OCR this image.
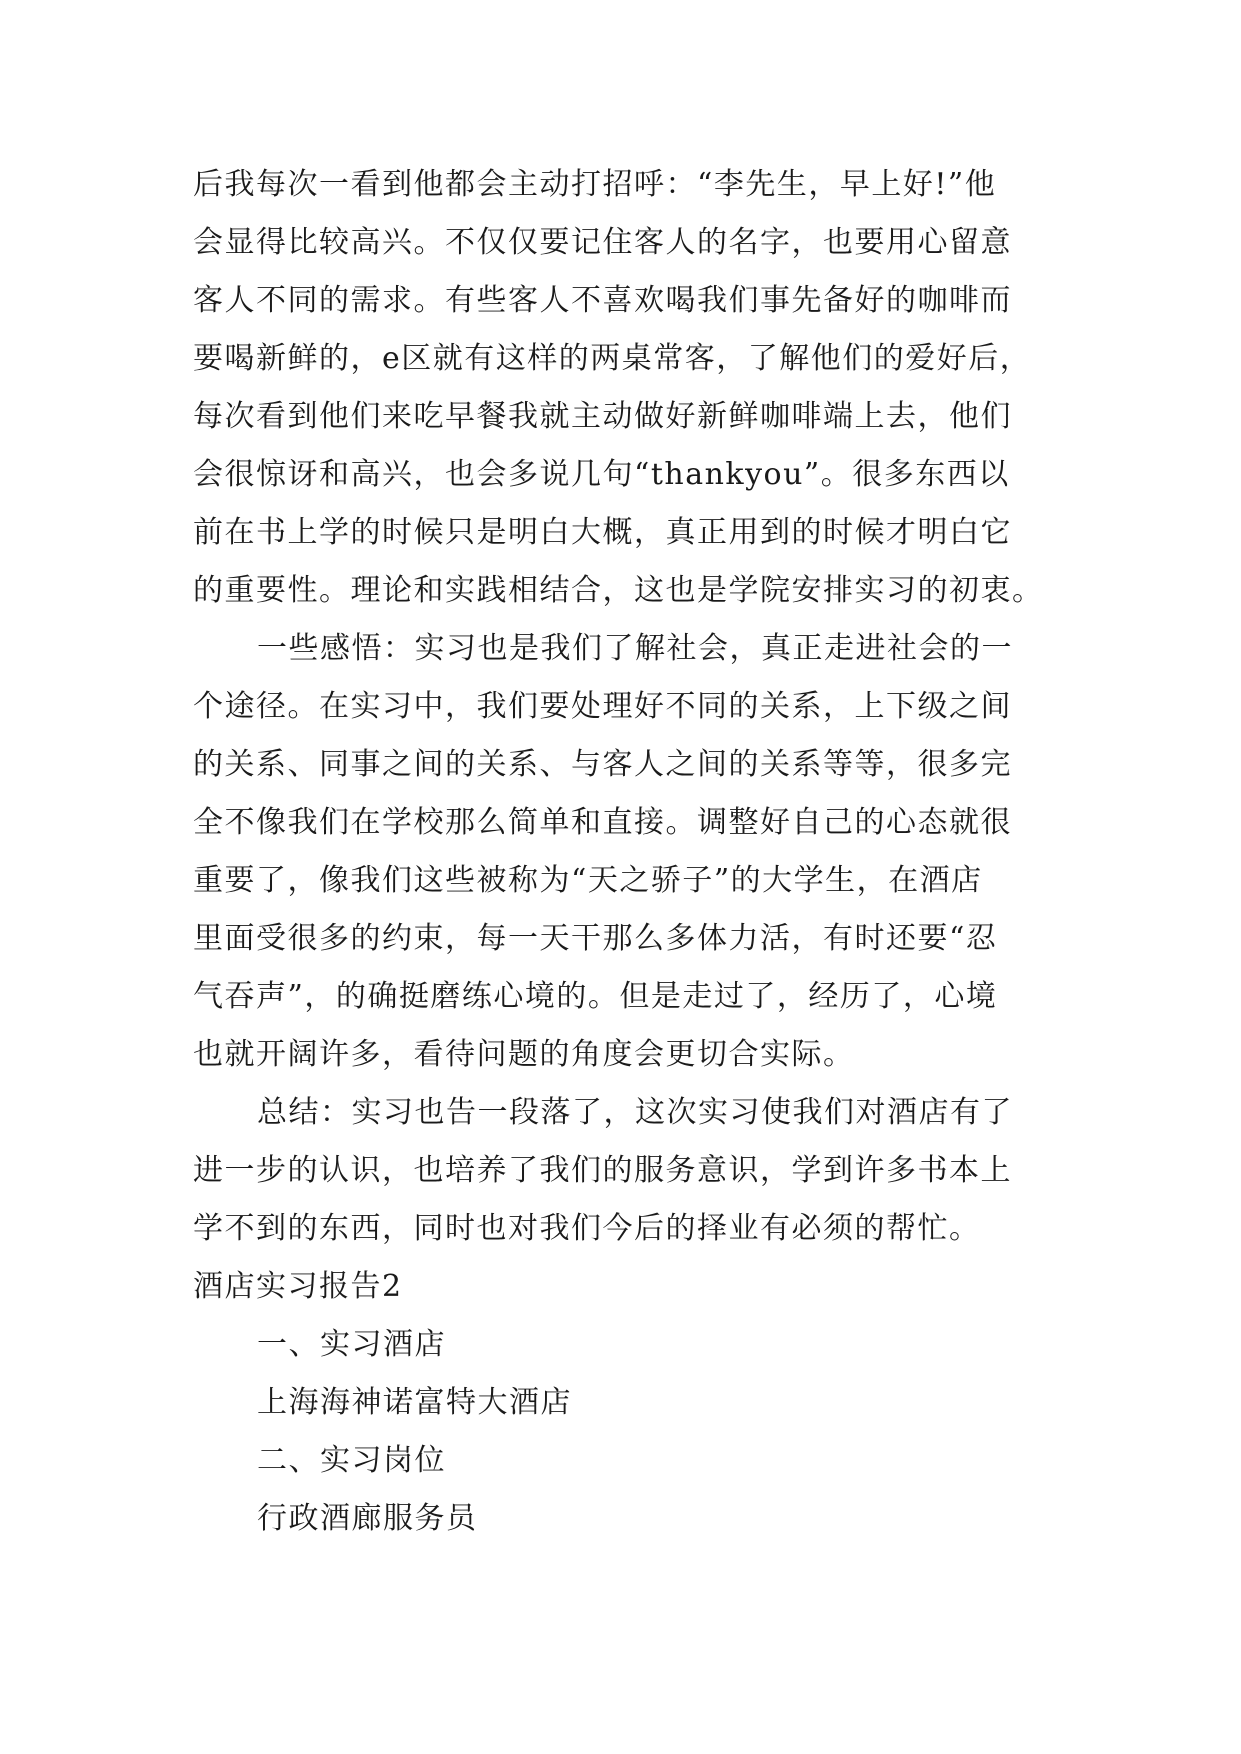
后我每次一看到他都会主动打招呼：“李先生，早上好!”他
会显得比较高兴。不仅仅要记住客人的名字，也要用心留意
客人不同的需求。有些客人不喜欢喝我们事先备好的咖啡而
要喝新鲜的，e区就有这样的两桌常客，了解他们的爱好后，
每次看到他们来吃早餐我就主动做好新鲜咖啡端上去，他们
会很惊讶和高兴，也会多说几句“thankyou”。很多东西以
前在书上学的时候只是明白大概，真正用到的时候才明白它
的重要性。理论和实践相结合，这也是学院安排实习的初衷。
一些感悟：实习也是我们了解社会，真正走进社会的一
个途径。在实习中，我们要处理好不同的关系，上下级之间
的关系、同事之间的关系、与客人之间的关系等等，很多完
全不像我们在学校那么简单和直接。调整好自己的心态就很
重要了，像我们这些被称为“天之骄子”的大学生，在酒店
里面受很多的约束，每一天干那么多体力活，有时还要“忍
气吞声”，的确挺磨练心境的。但是走过了，经历了，心境
也就开阔许多，看待问题的角度会更切合实际。
总结：实习也告一段落了，这次实习使我们对酒店有了
进一步的认识，也培养了我们的服务意识，学到许多书本上
学不到的东西，同时也对我们今后的择业有必须的帮忙。
酒店实习报告2
一、实习酒店
上海海神诺富特大酒店
二、实习岗位
行政酒廊服务员
